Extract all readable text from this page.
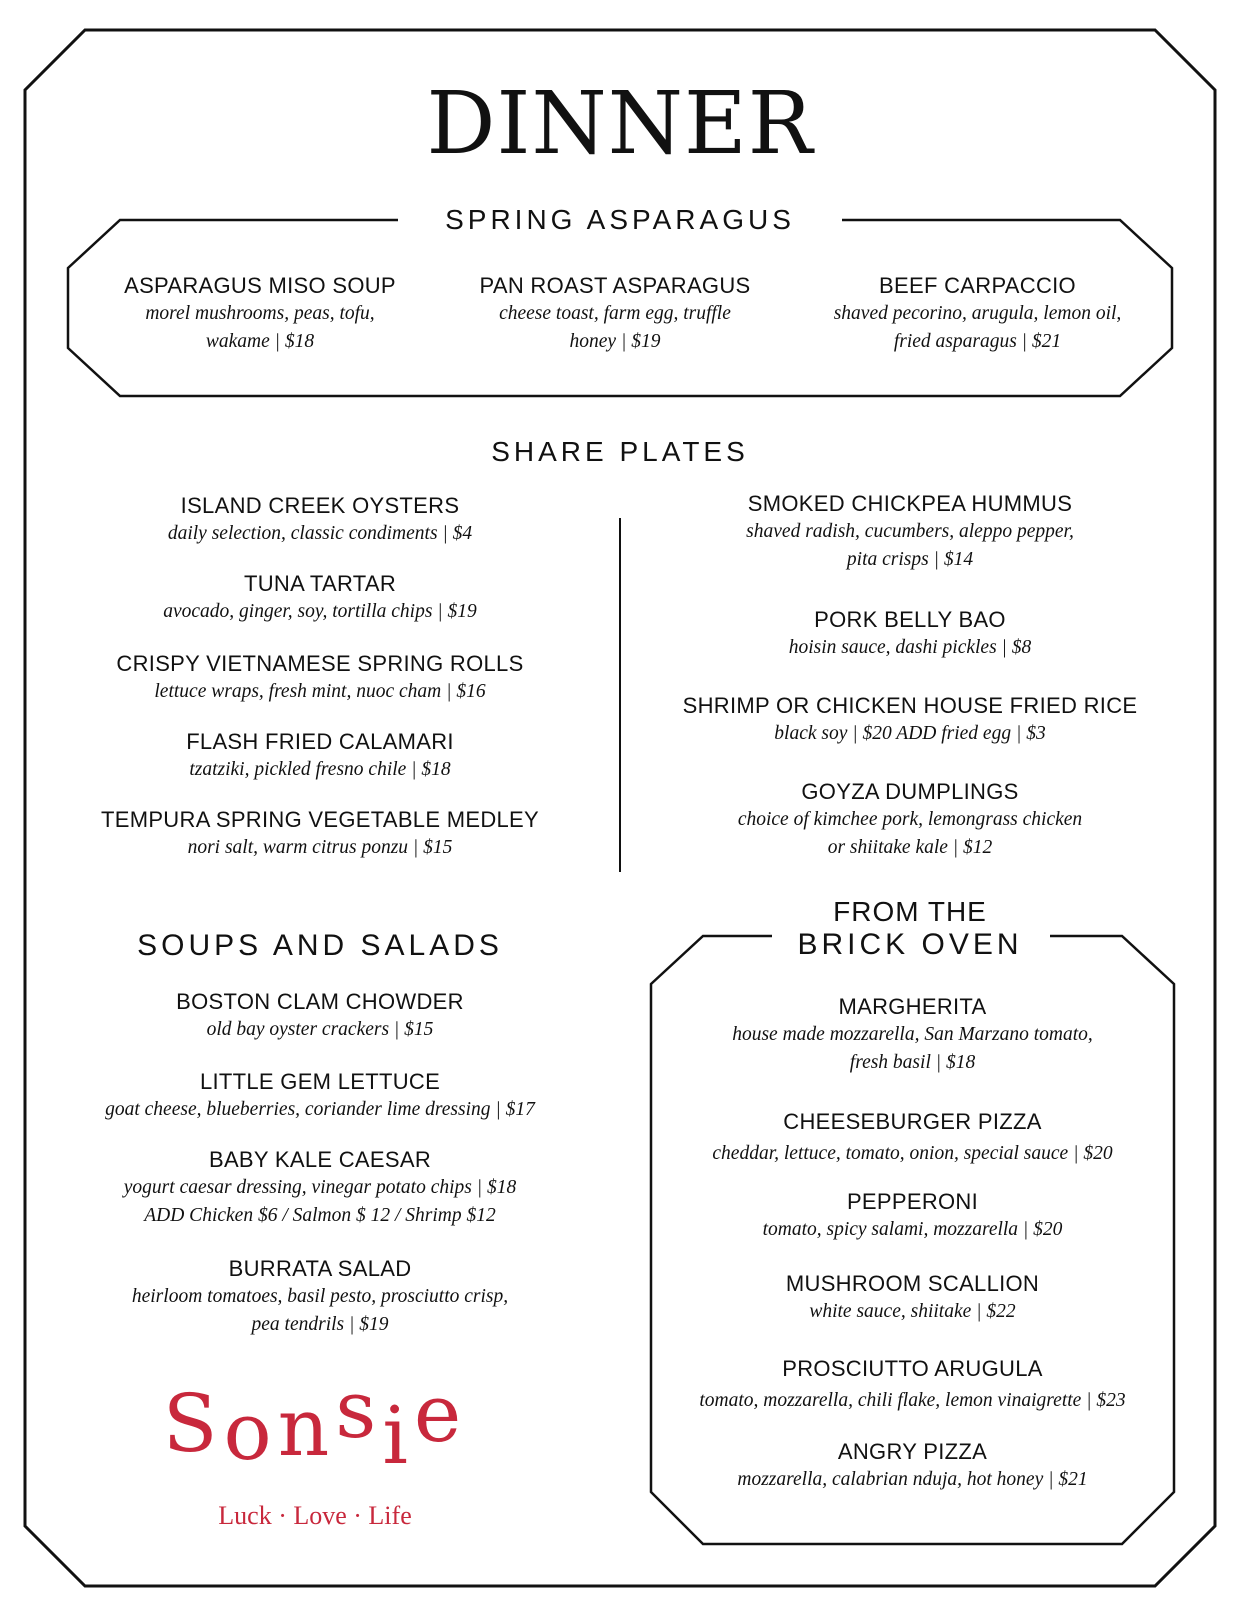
DINNER
SPRING ASPARAGUS
ASPARAGUS MISO SOUP
morel mushrooms, peas, tofu,
wakame | $18
PAN ROAST ASPARAGUS
cheese toast, farm egg, truffle
honey | $19
BEEF CARPACCIO
shaved pecorino, arugula, lemon oil,
fried asparagus | $21
SHARE PLATES
ISLAND CREEK OYSTERS
daily selection, classic condiments | $4
TUNA TARTAR
avocado, ginger, soy, tortilla chips | $19
CRISPY VIETNAMESE SPRING ROLLS
lettuce wraps, fresh mint, nuoc cham | $16
FLASH FRIED CALAMARI
tzatziki, pickled fresno chile | $18
TEMPURA SPRING VEGETABLE MEDLEY
nori salt, warm citrus ponzu | $15
SMOKED CHICKPEA HUMMUS
shaved radish, cucumbers, aleppo pepper,
pita crisps | $14
PORK BELLY BAO
hoisin sauce, dashi pickles | $8
SHRIMP OR CHICKEN HOUSE FRIED RICE
black soy | $20 ADD fried egg | $3
GOYZA DUMPLINGS
choice of kimchee pork, lemongrass chicken
or shiitake kale | $12
SOUPS AND SALADS
BOSTON CLAM CHOWDER
old bay oyster crackers | $15
LITTLE GEM LETTUCE
goat cheese, blueberries, coriander lime dressing | $17
BABY KALE CAESAR
yogurt caesar dressing, vinegar potato chips | $18
ADD Chicken $6 / Salmon $ 12 / Shrimp $12
BURRATA SALAD
heirloom tomatoes, basil pesto, prosciutto crisp,
pea tendrils | $19
FROM THE
BRICK OVEN
MARGHERITA
house made mozzarella, San Marzano tomato,
fresh basil | $18
CHEESEBURGER PIZZA
cheddar, lettuce, tomato, onion, special sauce | $20
PEPPERONI
tomato, spicy salami, mozzarella | $20
MUSHROOM SCALLION
white sauce, shiitake | $22
PROSCIUTTO ARUGULA
tomato, mozzarella, chili flake, lemon vinaigrette | $23
ANGRY PIZZA
mozzarella, calabrian nduja, hot honey | $21
Sonsie
Luck · Love · Life
